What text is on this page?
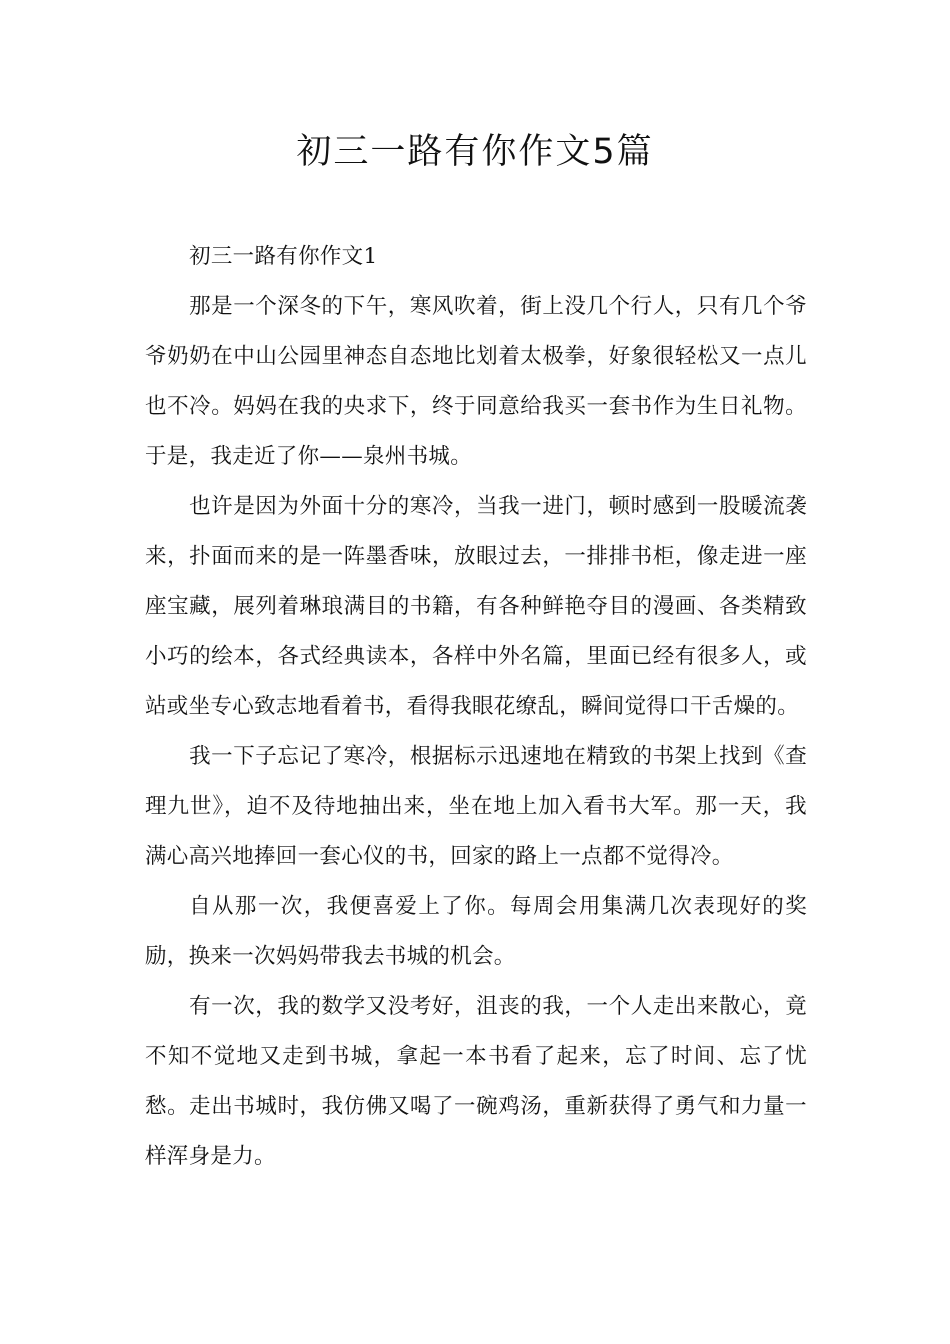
初三一路有你作文5篇

初三一路有你作文1

那是一个深冬的下午，寒风吹着，街上没几个行人，只有几个爷爷奶奶在中山公园里神态自态地比划着太极拳，好象很轻松又一点儿也不冷。妈妈在我的央求下，终于同意给我买一套书作为生日礼物。于是，我走近了你——泉州书城。

也许是因为外面十分的寒冷，当我一进门，顿时感到一股暖流袭来，扑面而来的是一阵墨香味，放眼过去，一排排书柜，像走进一座座宝藏，展列着琳琅满目的书籍，有各种鲜艳夺目的漫画、各类精致小巧的绘本，各式经典读本，各样中外名篇，里面已经有很多人，或站或坐专心致志地看着书，看得我眼花缭乱，瞬间觉得口干舌燥的。

我一下子忘记了寒冷，根据标示迅速地在精致的书架上找到《查理九世》，迫不及待地抽出来，坐在地上加入看书大军。那一天，我满心高兴地捧回一套心仪的书，回家的路上一点都不觉得冷。

自从那一次，我便喜爱上了你。每周会用集满几次表现好的奖励，换来一次妈妈带我去书城的机会。

有一次，我的数学又没考好，沮丧的我，一个人走出来散心，竟不知不觉地又走到书城，拿起一本书看了起来，忘了时间、忘了忧愁。走出书城时，我仿佛又喝了一碗鸡汤，重新获得了勇气和力量一样浑身是力。
